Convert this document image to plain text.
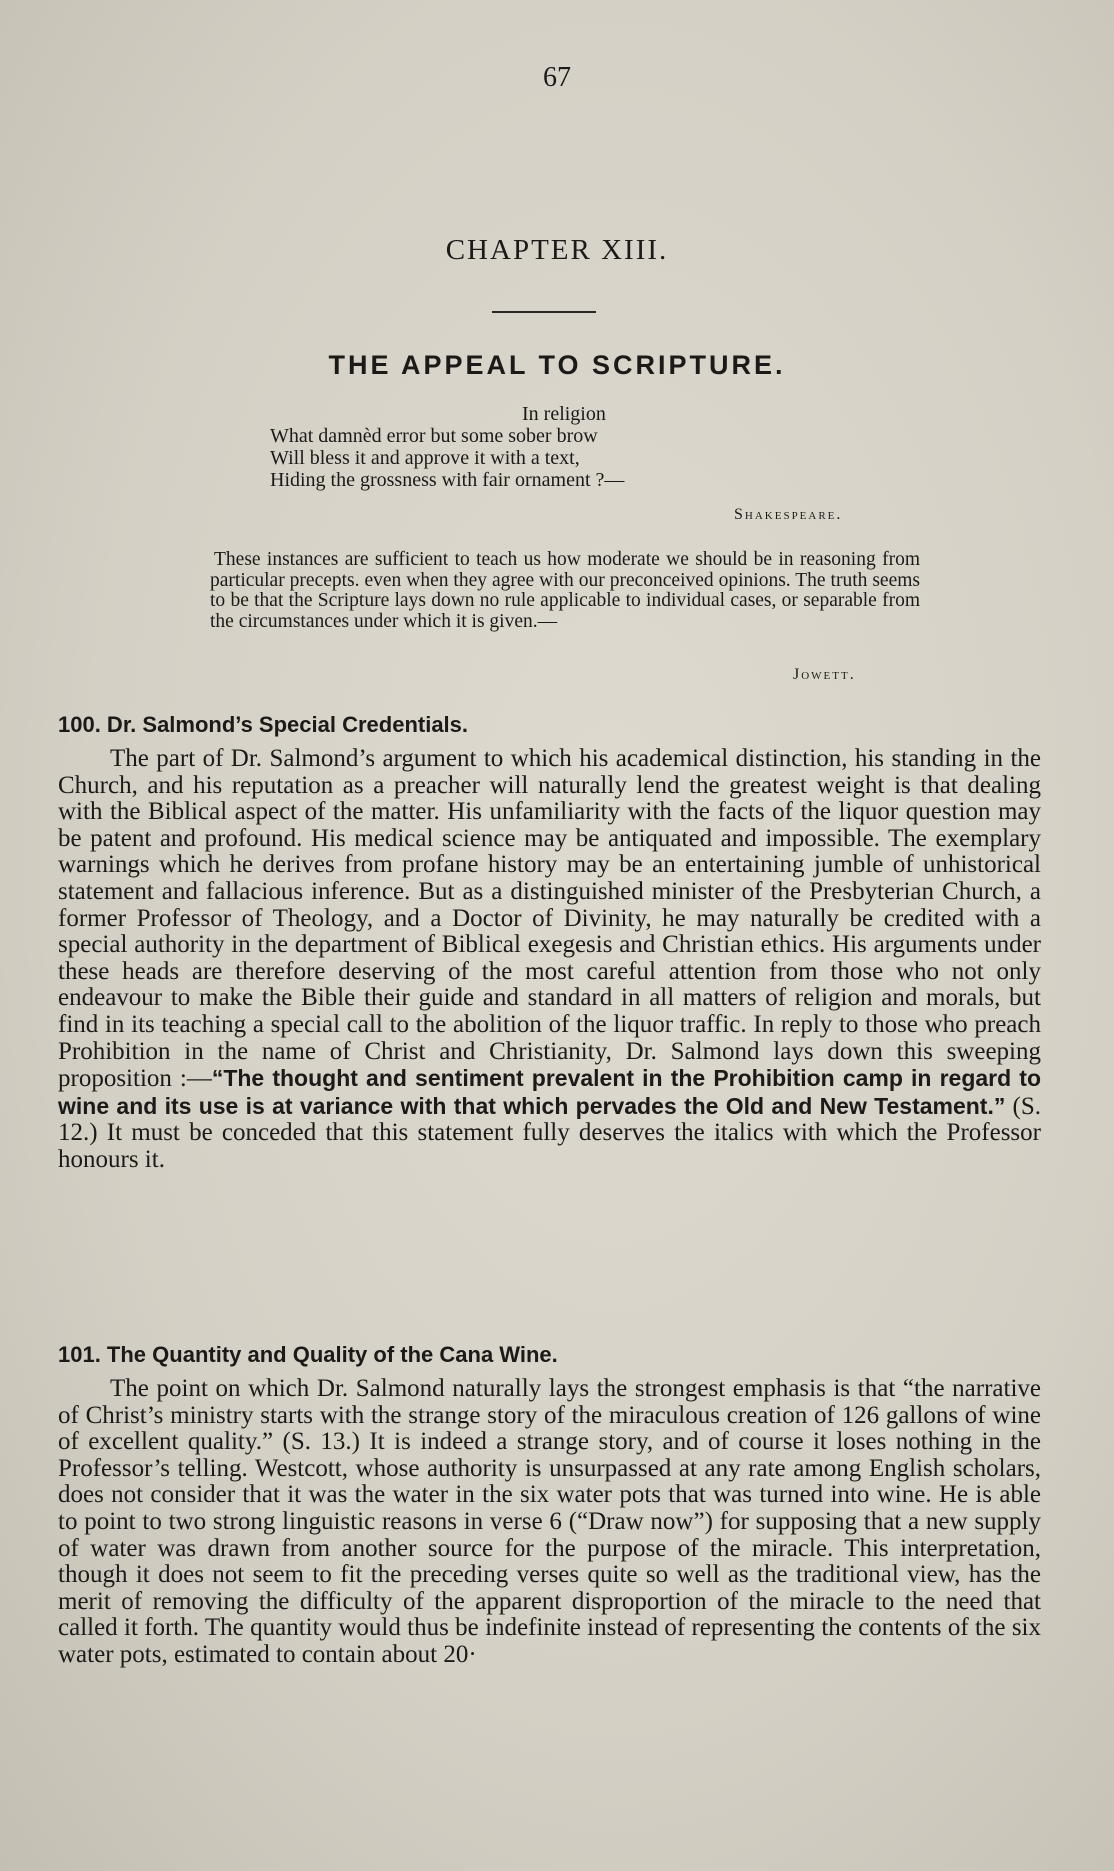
67
CHAPTER XIII.
THE APPEAL TO SCRIPTURE.
In religion
What damnèd error but some sober brow
Will bless it and approve it with a text,
Hiding the grossness with fair ornament ?—
Shakespeare.
These instances are sufficient to teach us how moderate we should be in reasoning from particular precepts. even when they agree with our preconceived opinions. The truth seems to be that the Scripture lays down no rule applicable to individual cases, or separable from the circumstances under which it is given.—
Jowett.
100. Dr. Salmond’s Special Credentials.
The part of Dr. Salmond’s argument to which his academical distinction, his standing in the Church, and his reputation as a preacher will naturally lend the greatest weight is that dealing with the Biblical aspect of the matter. His unfamiliarity with the facts of the liquor question may be patent and profound. His medical science may be antiquated and impossible. The exemplary warnings which he derives from profane history may be an entertaining jumble of unhistorical statement and fallacious inference. But as a distinguished minister of the Presbyterian Church, a former Professor of Theology, and a Doctor of Divinity, he may naturally be credited with a special authority in the department of Biblical exegesis and Christian ethics. His arguments under these heads are therefore deserving of the most careful attention from those who not only endeavour to make the Bible their guide and standard in all matters of religion and morals, but find in its teaching a special call to the abolition of the liquor traffic. In reply to those who preach Prohibition in the name of Christ and Christianity, Dr. Salmond lays down this sweeping proposition :—“The thought and sentiment prevalent in the Prohibition camp in regard to wine and its use is at variance with that which pervades the Old and New Testament.” (S. 12.) It must be conceded that this statement fully deserves the italics with which the Professor honours it.
101. The Quantity and Quality of the Cana Wine.
The point on which Dr. Salmond naturally lays the strongest emphasis is that “the narrative of Christ’s ministry starts with the strange story of the miraculous creation of 126 gallons of wine of excellent quality.” (S. 13.) It is indeed a strange story, and of course it loses nothing in the Professor’s telling. Westcott, whose authority is unsurpassed at any rate among English scholars, does not consider that it was the water in the six water pots that was turned into wine. He is able to point to two strong linguistic reasons in verse 6 (“Draw now”) for supposing that a new supply of water was drawn from another source for the purpose of the miracle. This interpretation, though it does not seem to fit the preceding verses quite so well as the traditional view, has the merit of removing the difficulty of the apparent disproportion of the miracle to the need that called it forth. The quantity would thus be indefinite instead of representing the contents of the six water pots, estimated to contain about 20·
